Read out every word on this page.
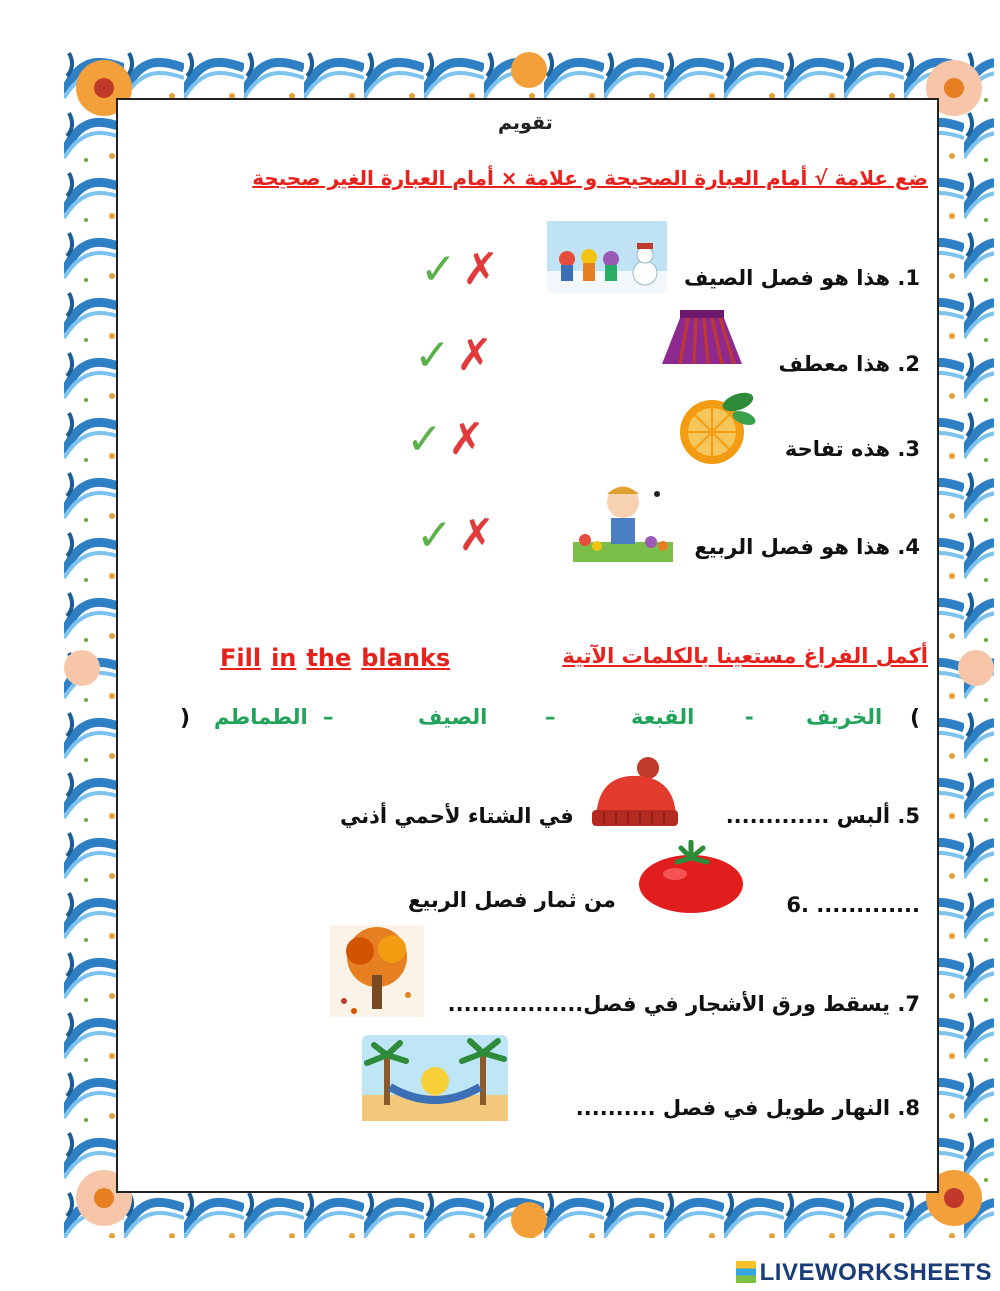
تقويم
ضع علامة √ أمام العبارة الصحيحة و علامة × أمام العبارة الغير صحيحة
1. هذا هو فصل الصيف
✓ ✗
2. هذا معطف
✓ ✗
3. هذه تفاحة
✓ ✗
4. هذا هو فصل الربيع
✓ ✗
Fill in the blanks	أكمل الفراغ مستعينا بالكلمات الآتية
(
الخريف
-
القبعة
–
الصيف
–
الطماطم
)
5. ألبس .............
في الشتاء لأحمي أذني
6. .............
من ثمار فصل الربيع
7. يسقط ورق الأشجار في فصل.................
8. النهار طويل في فصل ..........
LIVEWORKSHEETS
